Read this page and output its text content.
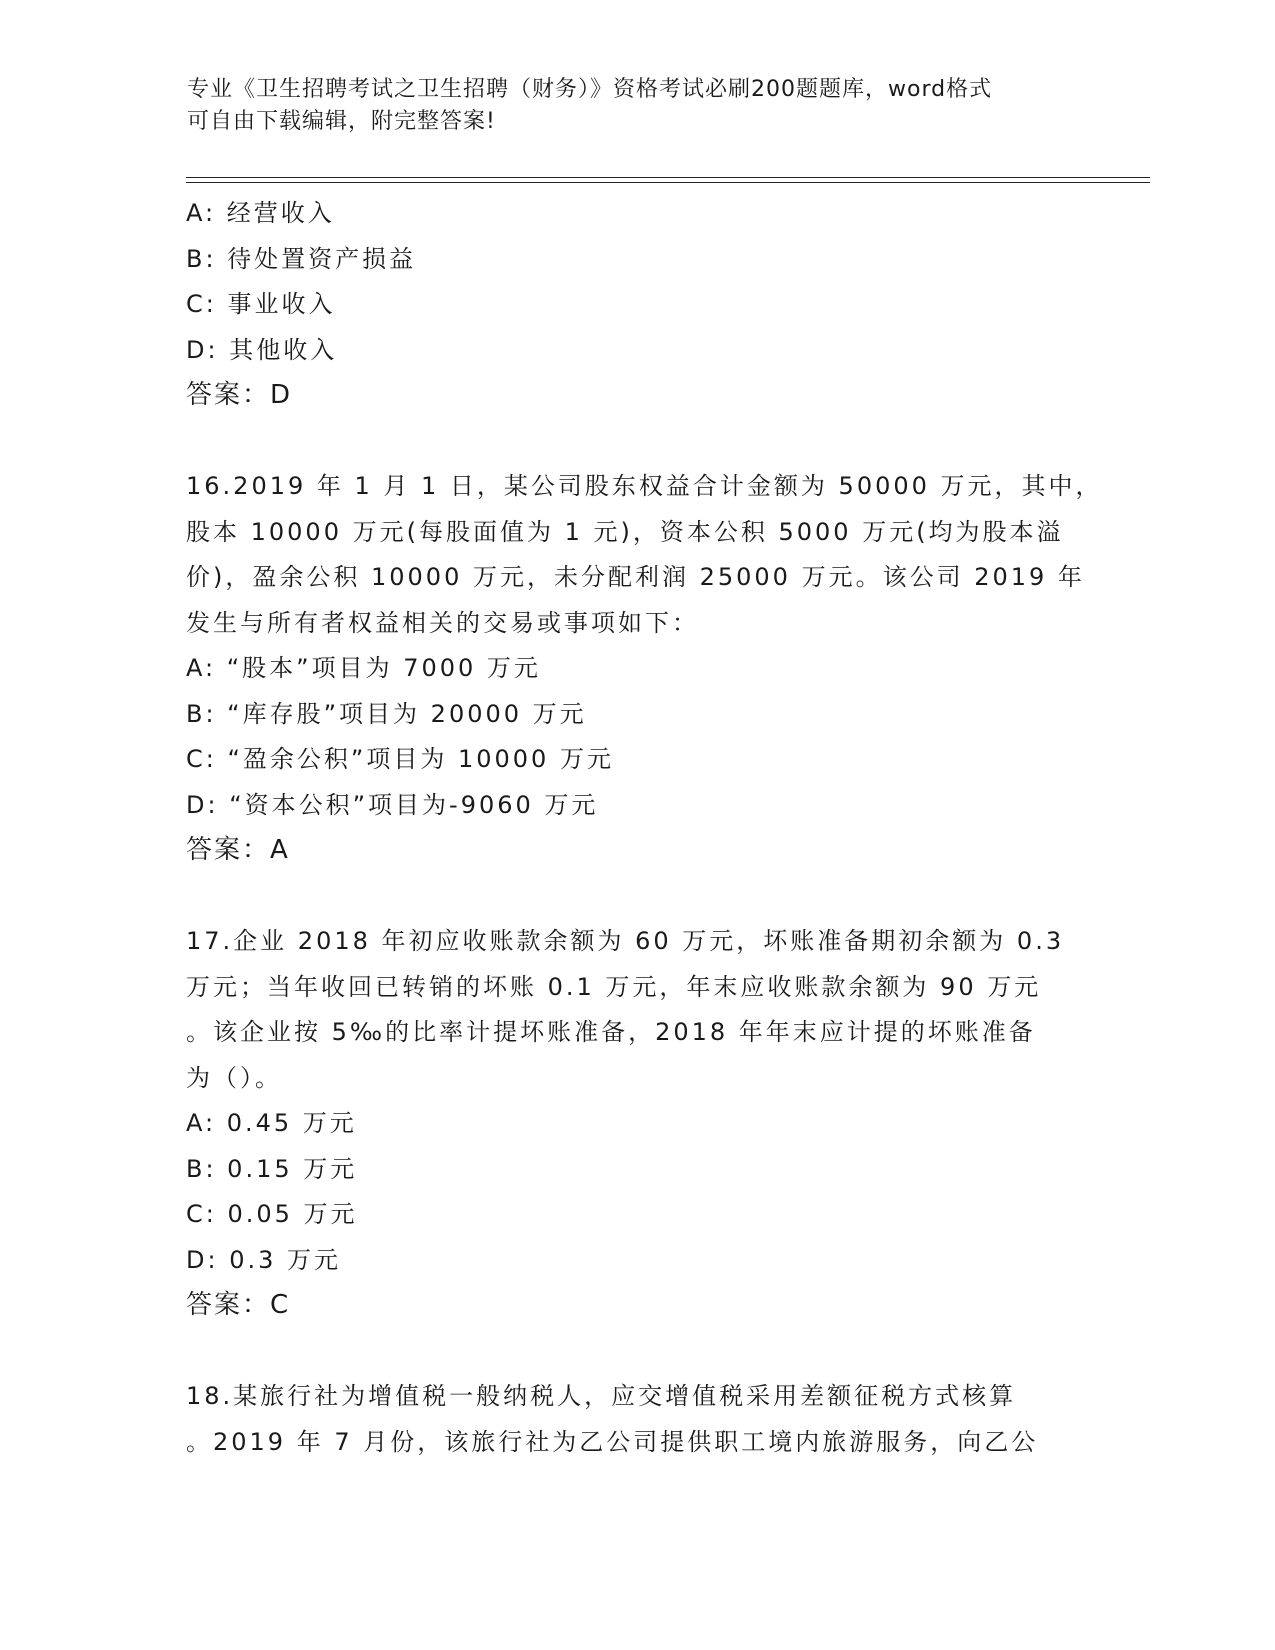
专业《卫生招聘考试之卫生招聘（财务）》资格考试必刷200题题库，word格式
可自由下载编辑，附完整答案!
A: 经营收入
B: 待处置资产损益
C: 事业收入
D: 其他收入
答案：D
16.2019 年 1 月 1 日，某公司股东权益合计金额为 50000 万元，其中，
股本 10000 万元(每股面值为 1 元)，资本公积 5000 万元(均为股本溢
价)，盈余公积 10000 万元，未分配利润 25000 万元。该公司 2019 年
发生与所有者权益相关的交易或事项如下：
A: “股本”项目为 7000 万元
B: “库存股”项目为 20000 万元
C: “盈余公积”项目为 10000 万元
D: “资本公积”项目为-9060 万元
答案：A
17.企业 2018 年初应收账款余额为 60 万元，坏账准备期初余额为 0.3
万元；当年收回已转销的坏账 0.1 万元，年末应收账款余额为 90 万元
。该企业按 5‰的比率计提坏账准备，2018 年年末应计提的坏账准备
为（）。
A: 0.45 万元
B: 0.15 万元
C: 0.05 万元
D: 0.3 万元
答案：C
18.某旅行社为增值税一般纳税人，应交增值税采用差额征税方式核算
。2019 年 7 月份，该旅行社为乙公司提供职工境内旅游服务，向乙公
